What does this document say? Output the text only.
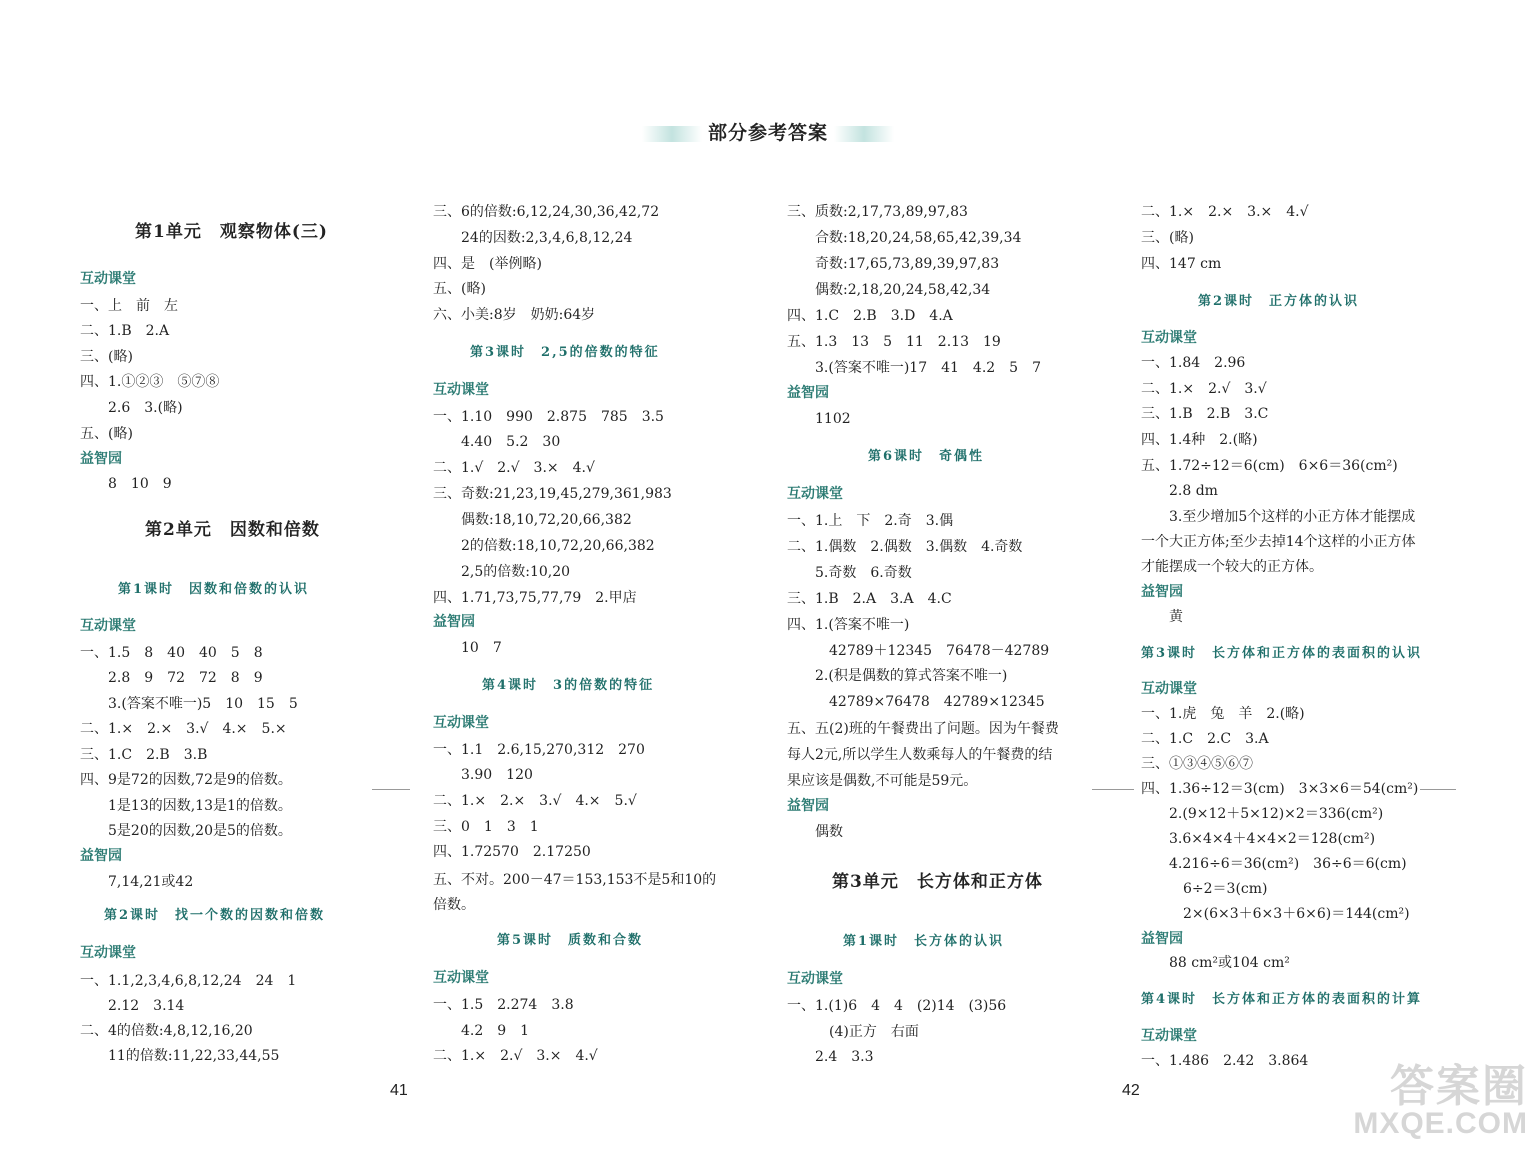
部分参考答案
第1单元　观察物体(三)
互动课堂
一、上　前　左
二、1.B　2.A
三、(略)
四、1.①②③　⑤⑦⑧
2.6　3.(略)
五、(略)
益智园
8　10　9
第2单元　因数和倍数
第1课时　因数和倍数的认识
互动课堂
一、1.5　8　40　40　5　8
2.8　9　72　72　8　9
3.(答案不唯一)5　10　15　5
二、1.×　2.×　3.√　4.×　5.×
三、1.C　2.B　3.B
四、9是72的因数,72是9的倍数。
1是13的因数,13是1的倍数。
5是20的因数,20是5的倍数。
益智园
7,14,21或42
第2课时　找一个数的因数和倍数
互动课堂
一、1.1,2,3,4,6,8,12,24　24　1
2.12　3.14
二、4的倍数:4,8,12,16,20
11的倍数:11,22,33,44,55
三、6的倍数:6,12,24,30,36,42,72
24的因数:2,3,4,6,8,12,24
四、是　(举例略)
五、(略)
六、小美:8岁　奶奶:64岁
第3课时　2,5的倍数的特征
互动课堂
一、1.10　990　2.875　785　3.5
4.40　5.2　30
二、1.√　2.√　3.×　4.√
三、奇数:21,23,19,45,279,361,983
偶数:18,10,72,20,66,382
2的倍数:18,10,72,20,66,382
2,5的倍数:10,20
四、1.71,73,75,77,79　2.甲店
益智园
10　7
第4课时　3的倍数的特征
互动课堂
一、1.1　2.6,15,270,312　270
3.90　120
二、1.×　2.×　3.√　4.×　5.√
三、0　1　3　1
四、1.72570　2.17250
五、不对。200－47＝153,153不是5和10的
倍数。
第5课时　质数和合数
互动课堂
一、1.5　2.274　3.8
4.2　9　1
二、1.×　2.√　3.×　4.√
三、质数:2,17,73,89,97,83
合数:18,20,24,58,65,42,39,34
奇数:17,65,73,89,39,97,83
偶数:2,18,20,24,58,42,34
四、1.C　2.B　3.D　4.A
五、1.3　13　5　11　2.13　19
3.(答案不唯一)17　41　4.2　5　7
益智园
1102
第6课时　奇偶性
互动课堂
一、1.上　下　2.奇　3.偶
二、1.偶数　2.偶数　3.偶数　4.奇数
5.奇数　6.奇数
三、1.B　2.A　3.A　4.C
四、1.(答案不唯一)
42789＋12345　76478－42789
2.(积是偶数的算式答案不唯一)
42789×76478　42789×12345
五、五(2)班的午餐费出了问题。因为午餐费
每人2元,所以学生人数乘每人的午餐费的结
果应该是偶数,不可能是59元。
益智园
偶数
第3单元　长方体和正方体
第1课时　长方体的认识
互动课堂
一、1.(1)6　4　4　(2)14　(3)56
(4)正方　右面
2.4　3.3
二、1.×　2.×　3.×　4.√
三、(略)
四、147 cm
第2课时　正方体的认识
互动课堂
一、1.84　2.96
二、1.×　2.√　3.√
三、1.B　2.B　3.C
四、1.4种　2.(略)
五、1.72÷12＝6(cm)　6×6＝36(cm²)
2.8 dm
3.至少增加5个这样的小正方体才能摆成
一个大正方体;至少去掉14个这样的小正方体
才能摆成一个较大的正方体。
益智园
黄
第3课时　长方体和正方体的表面积的认识
互动课堂
一、1.虎　兔　羊　2.(略)
二、1.C　2.C　3.A
三、①③④⑤⑥⑦
四、1.36÷12＝3(cm)　3×3×6＝54(cm²)
2.(9×12＋5×12)×2＝336(cm²)
3.6×4×4＋4×4×2＝128(cm²)
4.216÷6＝36(cm²)　36÷6＝6(cm)
6÷2＝3(cm)
2×(6×3＋6×3＋6×6)＝144(cm²)
益智园
88 cm²或104 cm²
第4课时　长方体和正方体的表面积的计算
互动课堂
一、1.486　2.42　3.864
41	42	答案圈
MXQE.COM
